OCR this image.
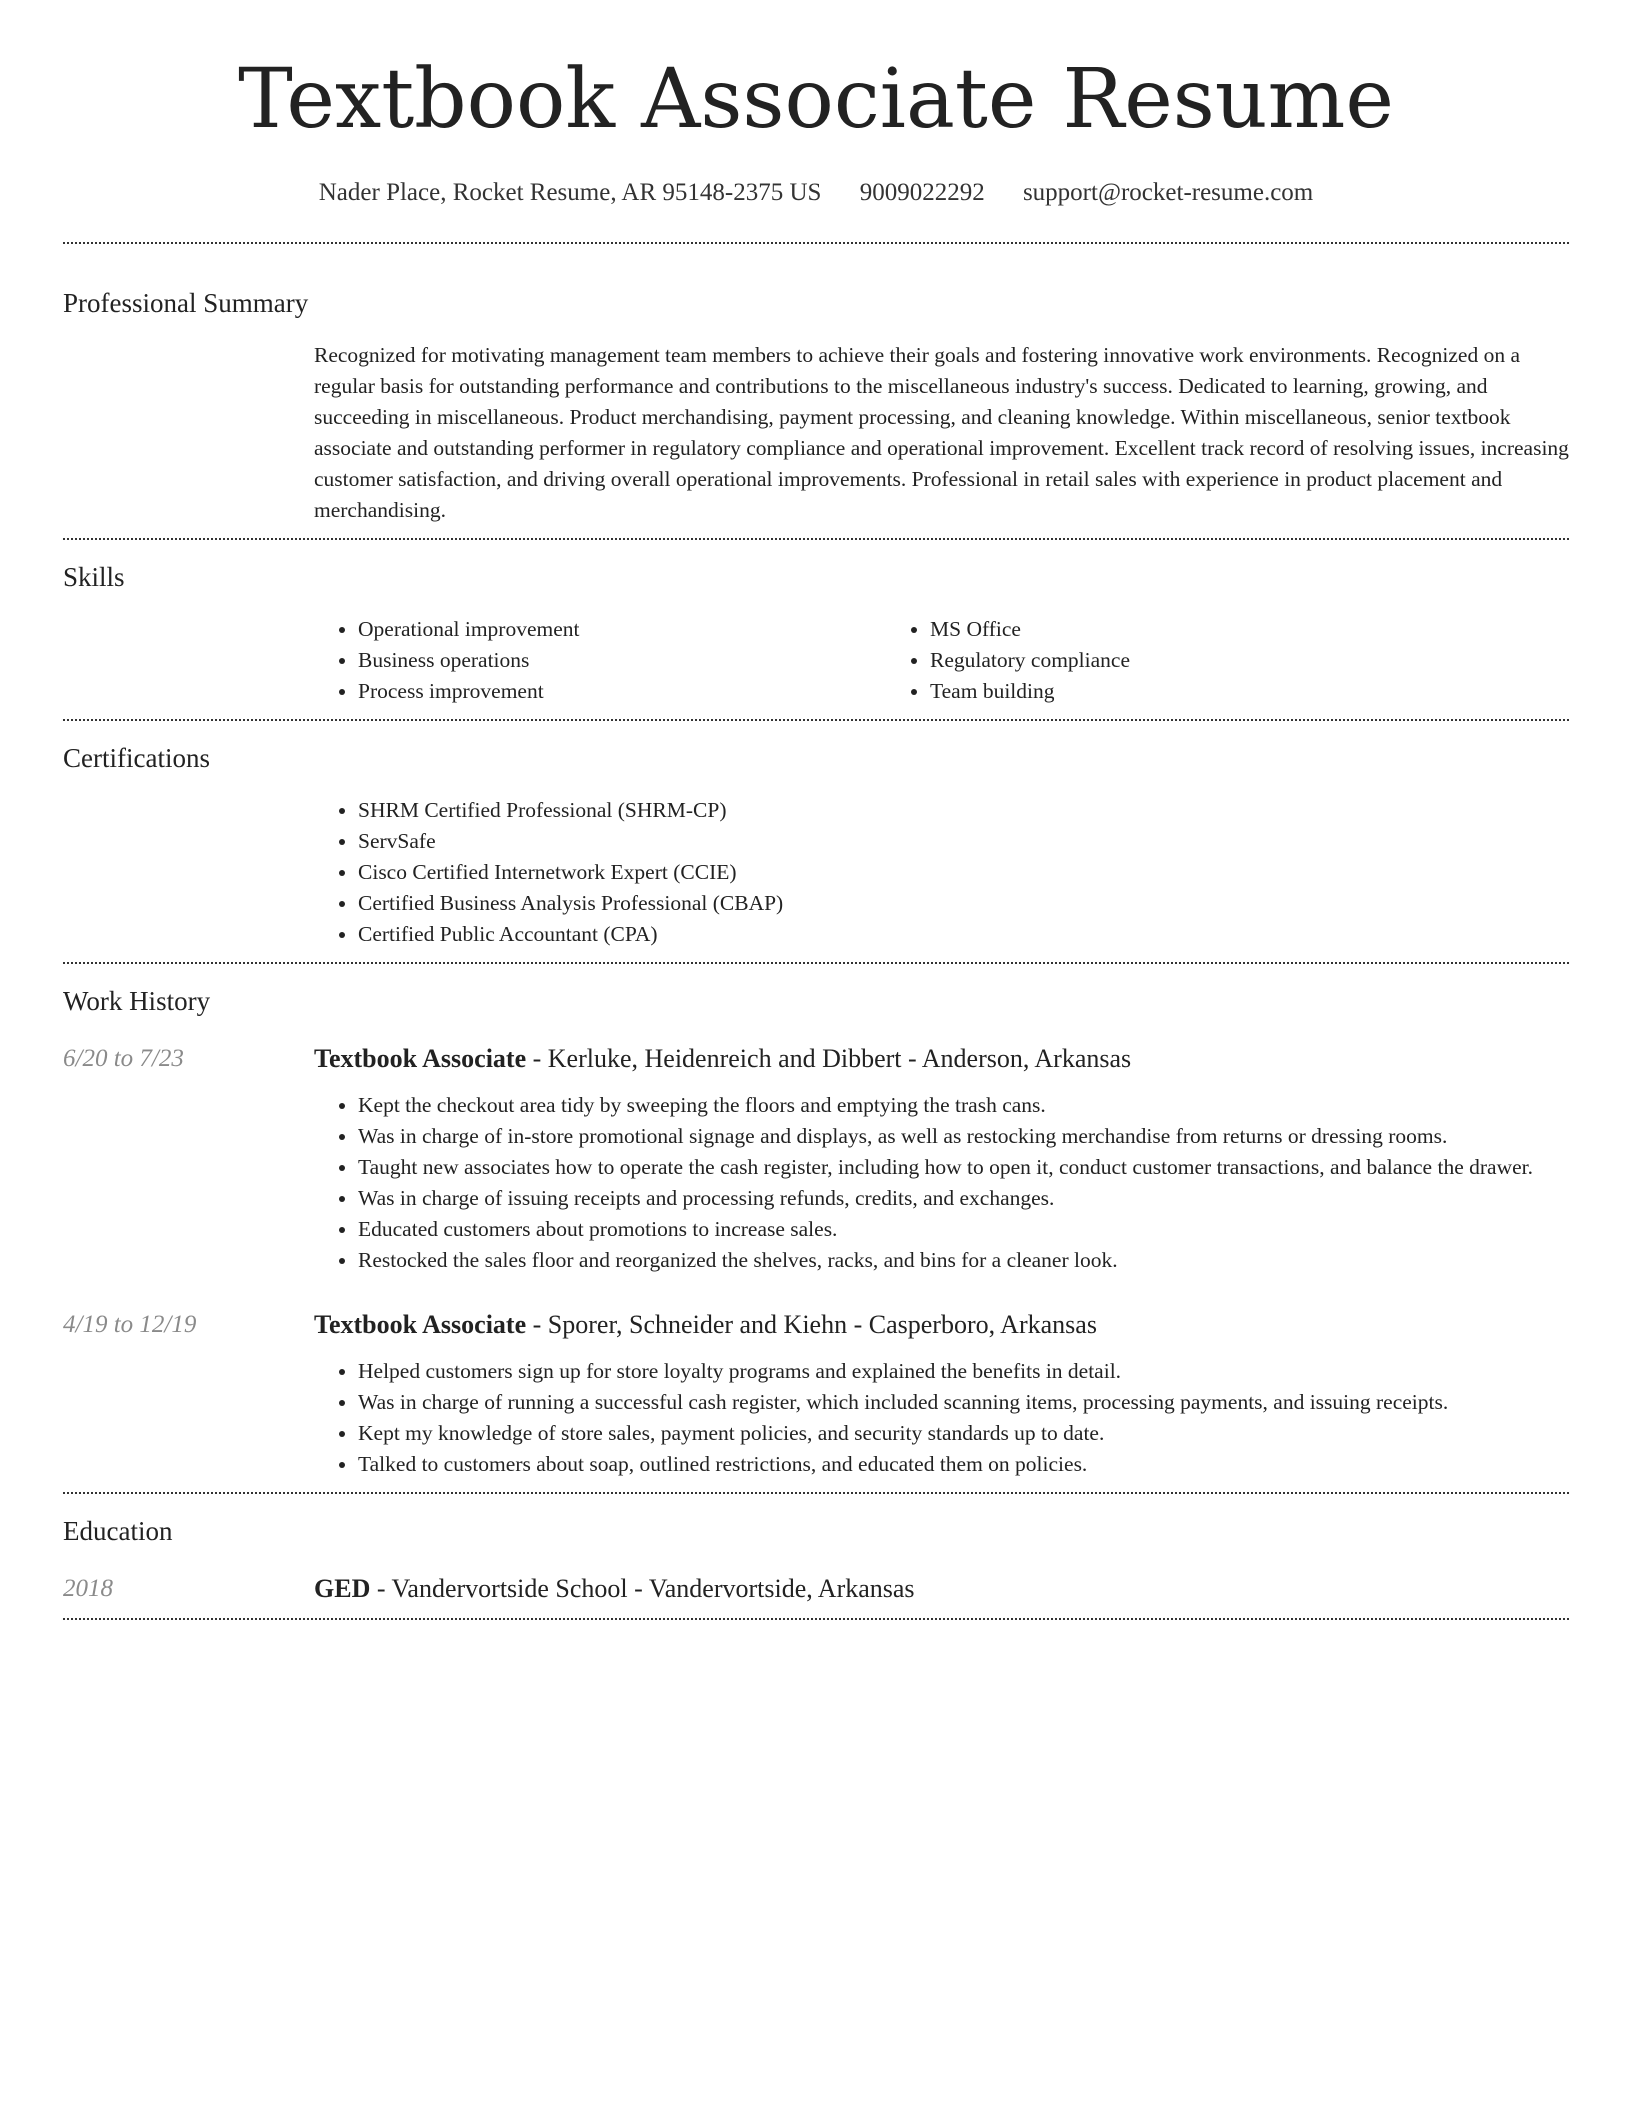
Textbook Associate Resume
Nader Place, Rocket Resume, AR 95148-2375 US 9009022292 support@rocket-resume.com
Professional Summary
Recognized for motivating management team members to achieve their goals and fostering innovative work environments. Recognized on a regular basis for outstanding performance and contributions to the miscellaneous industry's success. Dedicated to learning, growing, and succeeding in miscellaneous. Product merchandising, payment processing, and cleaning knowledge. Within miscellaneous, senior textbook associate and outstanding performer in regulatory compliance and operational improvement. Excellent track record of resolving issues, increasing customer satisfaction, and driving overall operational improvements. Professional in retail sales with experience in product placement and merchandising.
Skills
• Operational improvement
• Business operations
• Process improvement
• MS Office
• Regulatory compliance
• Team building
Certifications
• SHRM Certified Professional (SHRM-CP)
• ServSafe
• Cisco Certified Internetwork Expert (CCIE)
• Certified Business Analysis Professional (CBAP)
• Certified Public Accountant (CPA)
Work History
6/20 to 7/23	Textbook Associate - Kerluke, Heidenreich and Dibbert - Anderson, Arkansas
• Kept the checkout area tidy by sweeping the floors and emptying the trash cans.
• Was in charge of in-store promotional signage and displays, as well as restocking merchandise from returns or dressing rooms.
• Taught new associates how to operate the cash register, including how to open it, conduct customer transactions, and balance the drawer.
• Was in charge of issuing receipts and processing refunds, credits, and exchanges.
• Educated customers about promotions to increase sales.
• Restocked the sales floor and reorganized the shelves, racks, and bins for a cleaner look.
4/19 to 12/19	Textbook Associate - Sporer, Schneider and Kiehn - Casperboro, Arkansas
• Helped customers sign up for store loyalty programs and explained the benefits in detail.
• Was in charge of running a successful cash register, which included scanning items, processing payments, and issuing receipts.
• Kept my knowledge of store sales, payment policies, and security standards up to date.
• Talked to customers about soap, outlined restrictions, and educated them on policies.
Education
2018	GED - Vandervortside School - Vandervortside, Arkansas
